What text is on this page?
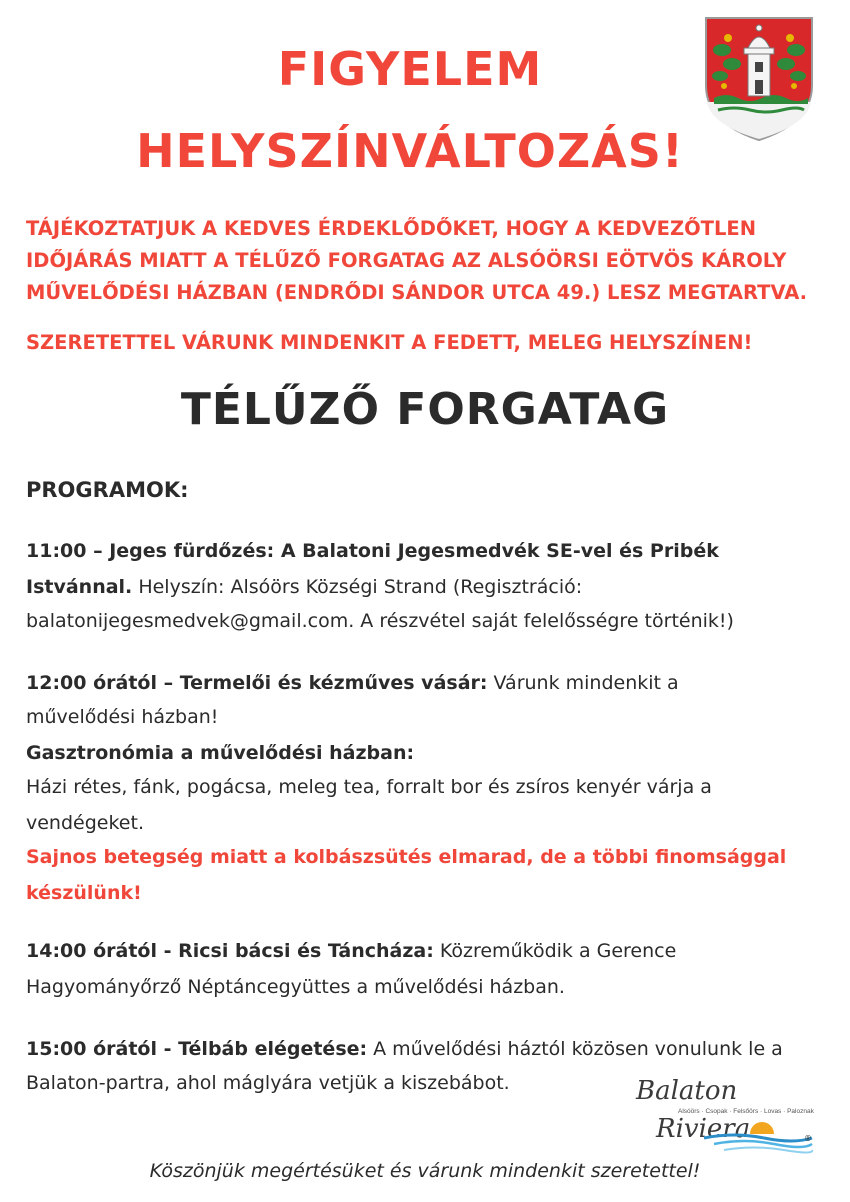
FIGYELEM
HELYSZÍNVÁLTOZÁS!
TÁJÉKOZTATJUK A KEDVES ÉRDEKLŐDŐKET, HOGY A KEDVEZŐTLEN
IDŐJÁRÁS MIATT A TÉLŰZŐ FORGATAG AZ ALSÓÖRSI EÖTVÖS KÁROLY
MŰVELŐDÉSI HÁZBAN (ENDRŐDI SÁNDOR UTCA 49.) LESZ MEGTARTVA.
SZERETETTEL VÁRUNK MINDENKIT A FEDETT, MELEG HELYSZÍNEN!
TÉLŰZŐ FORGATAG
PROGRAMOK:
11:00 – Jeges fürdőzés: A Balatoni Jegesmedvék SE-vel és Pribék
Istvánnal. Helyszín: Alsóörs Községi Strand (Regisztráció:
balatonijegesmedvek@gmail.com. A részvétel saját felelősségre történik!)
12:00 órától – Termelői és kézműves vásár: Várunk mindenkit a
művelődési házban!
Gasztronómia a művelődési házban:
Házi rétes, fánk, pogácsa, meleg tea, forralt bor és zsíros kenyér várja a
vendégeket.
Sajnos betegség miatt a kolbászsütés elmarad, de a többi finomsággal
készülünk!
14:00 órától - Ricsi bácsi és Táncháza: Közreműködik a Gerence
Hagyományőrző Néptáncegyüttes a művelődési házban.
15:00 órától - Télbáb elégetése: A művelődési háztól közösen vonulunk le a
Balaton-partra, ahol máglyára vetjük a kiszebábot.	Balaton
Alsóörs · Csopak · Felsőörs · Lovas · Paloznak
Riviera	®
Köszönjük megértésüket és várunk mindenkit szeretettel!
